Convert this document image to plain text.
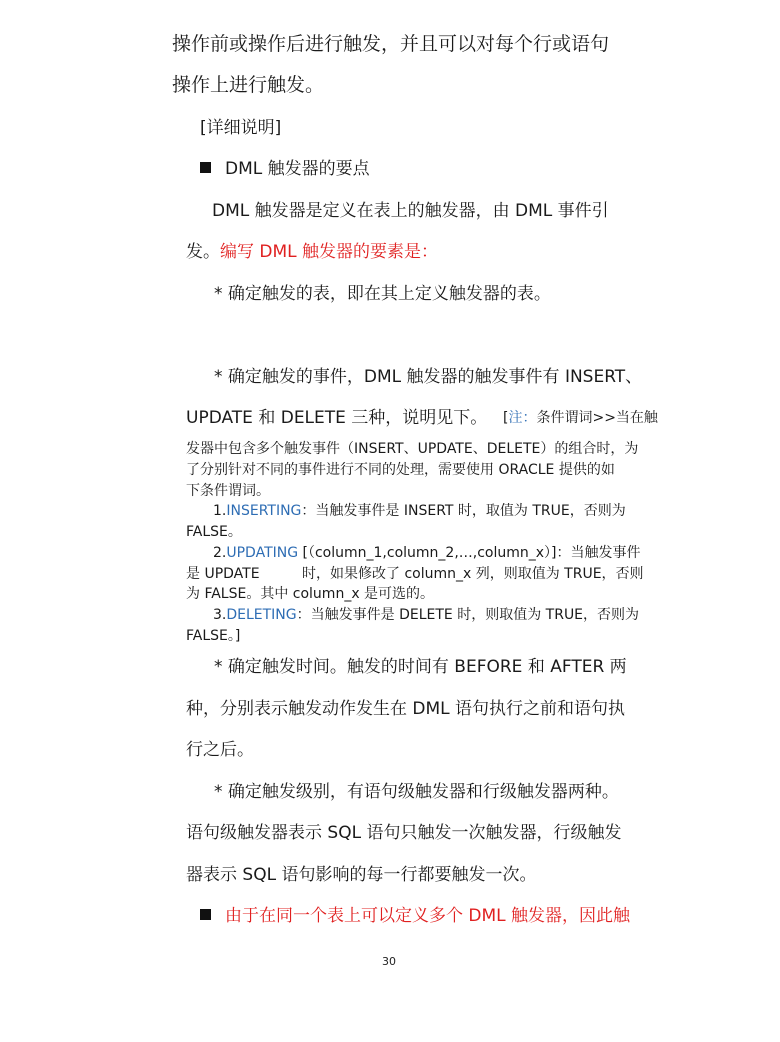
操作前或操作后进行触发，并且可以对每个行或语句
操作上进行触发。
[详细说明]
DML 触发器的要点
DML 触发器是定义在表上的触发器，由 DML 事件引
发。编写 DML 触发器的要素是：
* 确定触发的表，即在其上定义触发器的表。
* 确定触发的事件，DML 触发器的触发事件有 INSERT、
UPDATE 和 DELETE 三种，说明见下。 [注：条件谓词>>当在触
发器中包含多个触发事件（INSERT、UPDATE、DELETE）的组合时，为
了分别针对不同的事件进行不同的处理，需要使用 ORACLE 提供的如
下条件谓词。
1.INSERTING：当触发事件是 INSERT 时，取值为 TRUE，否则为
FALSE。
2.UPDATING [（column_1,column_2,…,column_x）]：当触发事件
是 UPDATE	时，如果修改了 column_x 列，则取值为 TRUE，否则
为 FALSE。其中 column_x 是可选的。
3.DELETING：当触发事件是 DELETE 时，则取值为 TRUE，否则为
FALSE。]
* 确定触发时间。触发的时间有 BEFORE 和 AFTER 两
种，分别表示触发动作发生在 DML 语句执行之前和语句执
行之后。
* 确定触发级别，有语句级触发器和行级触发器两种。
语句级触发器表示 SQL 语句只触发一次触发器，行级触发
器表示 SQL 语句影响的每一行都要触发一次。
由于在同一个表上可以定义多个 DML 触发器，因此触
30
